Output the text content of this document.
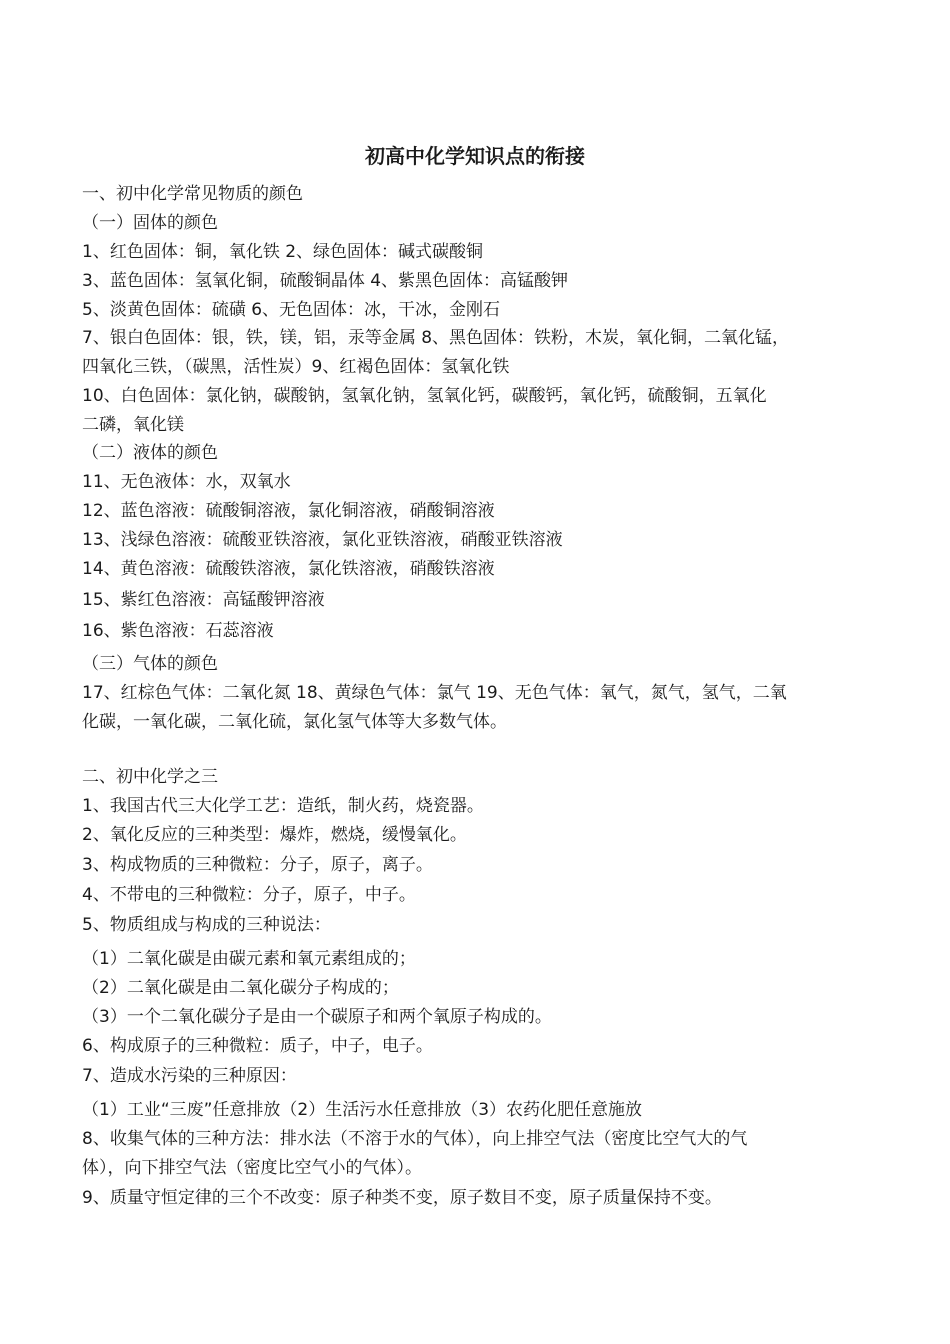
初高中化学知识点的衔接
一、初中化学常见物质的颜色
（一）固体的颜色
1、红色固体：铜，氧化铁 2、绿色固体：碱式碳酸铜
3、蓝色固体：氢氧化铜，硫酸铜晶体 4、紫黑色固体：高锰酸钾
5、淡黄色固体：硫磺 6、无色固体：冰，干冰，金刚石
7、银白色固体：银，铁，镁，铝，汞等金属 8、黑色固体：铁粉，木炭，氧化铜，二氧化锰，
四氧化三铁，（碳黑，活性炭）9、红褐色固体：氢氧化铁
10、白色固体：氯化钠，碳酸钠，氢氧化钠，氢氧化钙，碳酸钙，氧化钙，硫酸铜，五氧化
二磷，氧化镁
（二）液体的颜色
11、无色液体：水，双氧水
12、蓝色溶液：硫酸铜溶液，氯化铜溶液，硝酸铜溶液
13、浅绿色溶液：硫酸亚铁溶液，氯化亚铁溶液，硝酸亚铁溶液
14、黄色溶液：硫酸铁溶液，氯化铁溶液，硝酸铁溶液
15、紫红色溶液：高锰酸钾溶液
16、紫色溶液：石蕊溶液
（三）气体的颜色
17、红棕色气体：二氧化氮 18、黄绿色气体：氯气 19、无色气体：氧气，氮气，氢气，二氧
化碳，一氧化碳，二氧化硫，氯化氢气体等大多数气体。
二、初中化学之三
1、我国古代三大化学工艺：造纸，制火药，烧瓷器。
2、氧化反应的三种类型：爆炸，燃烧，缓慢氧化。
3、构成物质的三种微粒：分子，原子，离子。
4、不带电的三种微粒：分子，原子，中子。
5、物质组成与构成的三种说法：
（1）二氧化碳是由碳元素和氧元素组成的；
（2）二氧化碳是由二氧化碳分子构成的；
（3）一个二氧化碳分子是由一个碳原子和两个氧原子构成的。
6、构成原子的三种微粒：质子，中子，电子。
7、造成水污染的三种原因：
（1）工业“三废”任意排放（2）生活污水任意排放（3）农药化肥任意施放
8、收集气体的三种方法：排水法（不溶于水的气体），向上排空气法（密度比空气大的气
体），向下排空气法（密度比空气小的气体）。
9、质量守恒定律的三个不改变：原子种类不变，原子数目不变，原子质量保持不变。
